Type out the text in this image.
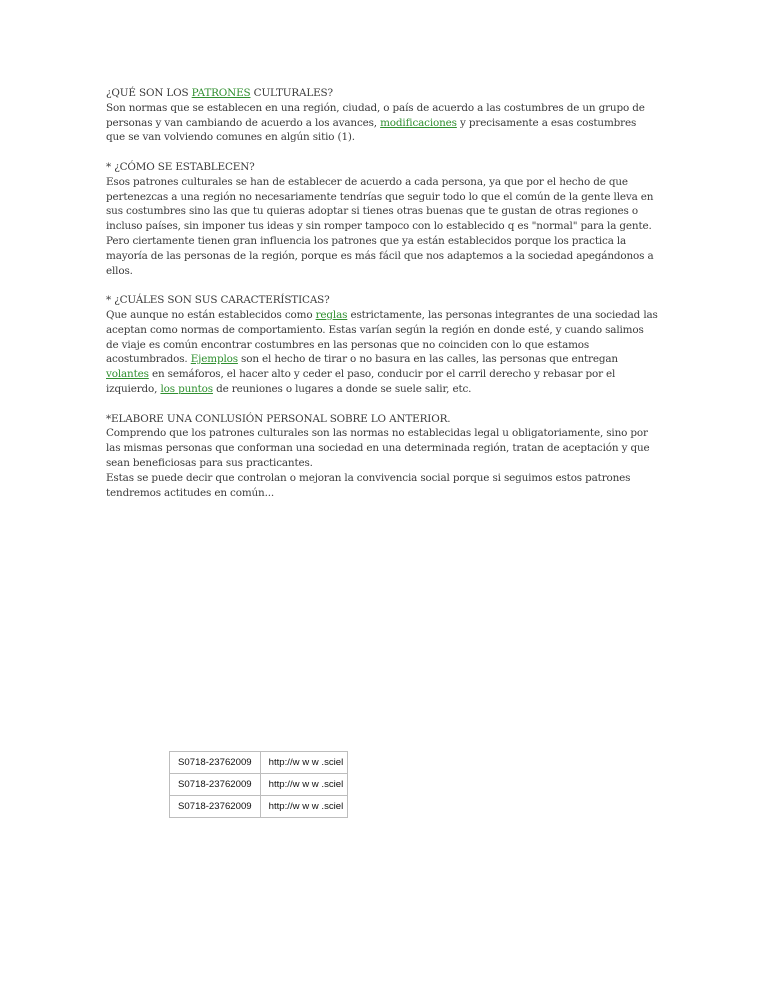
¿QUÉ SON LOS PATRONES CULTURALES?
Son normas que se establecen en una región, ciudad, o país de acuerdo a las costumbres de un grupo de personas y van cambiando de acuerdo a los avances, modificaciones y precisamente a esas costumbres que se van volviendo comunes en algún sitio (1).

* ¿CÓMO SE ESTABLECEN?
Esos patrones culturales se han de establecer de acuerdo a cada persona, ya que por el hecho de que pertenezcas a una región no necesariamente tendrías que seguir todo lo que el común de la gente lleva en sus costumbres sino las que tu quieras adoptar si tienes otras buenas que te gustan de otras regiones o incluso países, sin imponer tus ideas y sin romper tampoco con lo establecido q es "normal" para la gente. Pero ciertamente tienen gran influencia los patrones que ya están establecidos porque los practica la mayoría de las personas de la región, porque es más fácil que nos adaptemos a la sociedad apegándonos a ellos.

* ¿CUÁLES SON SUS CARACTERÍSTICAS?
Que aunque no están establecidos como reglas estrictamente, las personas integrantes de una sociedad las aceptan como normas de comportamiento. Estas varían según la región en donde esté, y cuando salimos de viaje es común encontrar costumbres en las personas que no coinciden con lo que estamos acostumbrados. Ejemplos son el hecho de tirar o no basura en las calles, las personas que entregan volantes en semáforos, el hacer alto y ceder el paso, conducir por el carril derecho y rebasar por el izquierdo, los puntos de reuniones o lugares a donde se suele salir, etc.

*ELABORE UNA CONLUSIÓN PERSONAL SOBRE LO ANTERIOR.
Comprendo que los patrones culturales son las normas no establecidas legal u obligatoriamente, sino por las mismas personas que conforman una sociedad en una determinada región, tratan de aceptación y que sean beneficiosas para sus practicantes.
Estas se puede decir que controlan o mejoran la convivencia social porque si seguimos estos patrones tendremos actitudes en común...

S0718-23762009	http://w w w .sciel
S0718-23762009	http://w w w .sciel
S0718-23762009	http://w w w .sciel
